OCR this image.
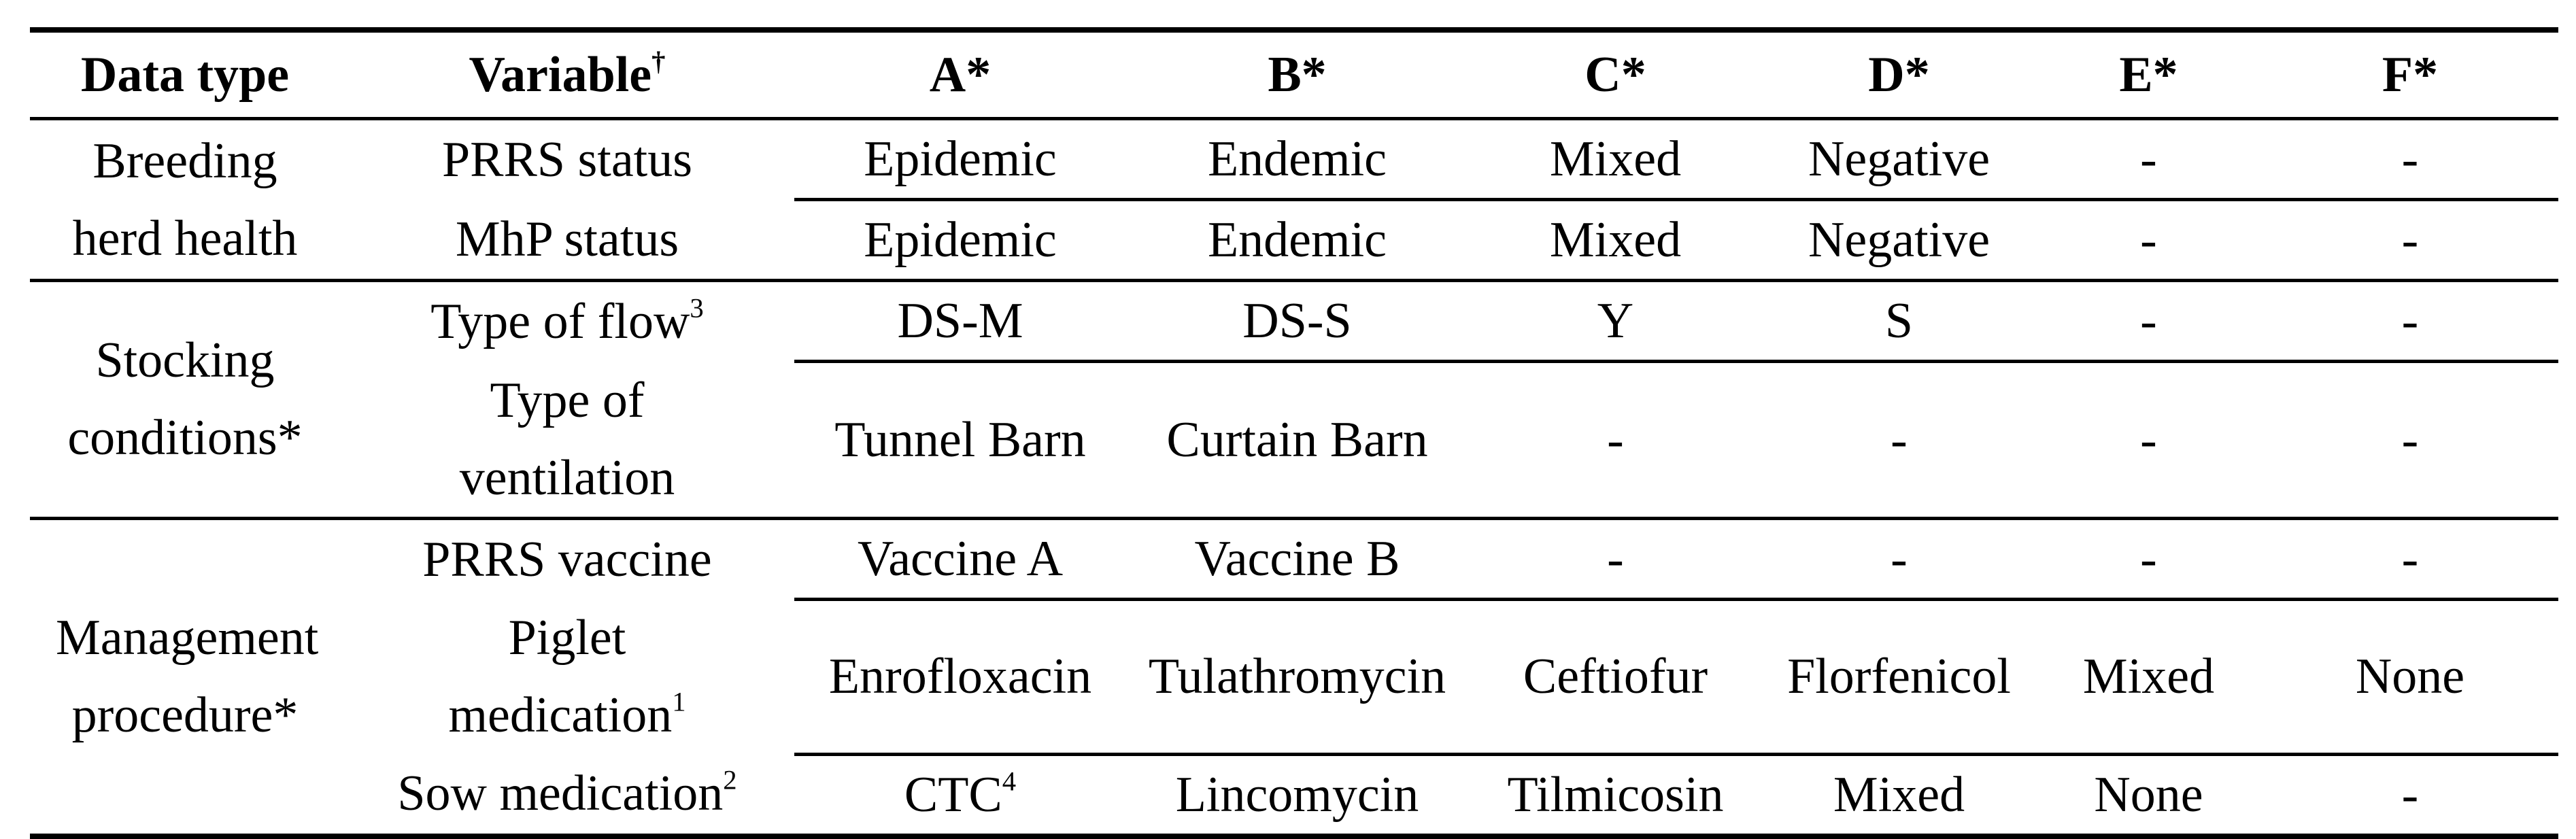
Data type	Variable†	A*	B*	C*	D*	E*	F*

Breeding herd health	PRRS status	Epidemic	Endemic	Mixed	Negative	-	-

	MhP status	Epidemic	Endemic	Mixed	Negative	-	-

Stocking conditions*	Type of flow$^3$	DS-M	DS-S	Y	S	-	-

	Type of ventilation	Tunnel Barn	Curtain Barn	-	-	-	-

Management procedure*	PRRS vaccine	Vaccine A	Vaccine B	-	-	-	-

	Piglet medication$^1$	Enrofloxacin	Tulathromycin	Ceftiofur	Florfenicol	Mixed	None

	Sow medication$^2$	CTC$^4$	Lincomycin	Tilmicosin	Mixed	None	-
